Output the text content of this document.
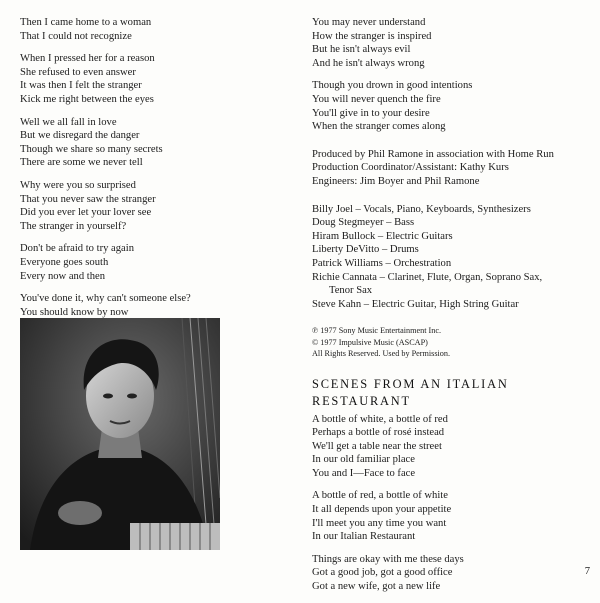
Then I came home to a woman
That I could not recognize
When I pressed her for a reason
She refused to even answer
It was then I felt the stranger
Kick me right between the eyes
Well we all fall in love
But we disregard the danger
Though we share so many secrets
There are some we never tell
Why were you so surprised
That you never saw the stranger
Did you ever let your lover see
The stranger in yourself?
Don't be afraid to try again
Everyone goes south
Every now and then
You've done it, why can't someone else?
You should know by now
You may never understand
How the stranger is inspired
But he isn't always evil
And he isn't always wrong
Though you drown in good intentions
You will never quench the fire
You'll give in to your desire
When the stranger comes along
Produced by Phil Ramone in association with Home Run
Production Coordinator/Assistant: Kathy Kurs
Engineers: Jim Boyer and Phil Ramone
Billy Joel – Vocals, Piano, Keyboards, Synthesizers
Doug Stegmeyer – Bass
Hiram Bullock – Electric Guitars
Liberty DeVitto – Drums
Patrick Williams – Orchestration
Richie Cannata – Clarinet, Flute, Organ, Soprano Sax,
Tenor Sax
Steve Kahn – Electric Guitar, High String Guitar
℗ 1977 Sony Music Entertainment Inc.
© 1977 Impulsive Music (ASCAP)
All Rights Reserved. Used by Permission.
SCENES FROM AN ITALIAN
RESTAURANT
A bottle of white, a bottle of red
Perhaps a bottle of rosé instead
We'll get a table near the street
In our old familiar place
You and I—Face to face
A bottle of red, a bottle of white
It all depends upon your appetite
I'll meet you any time you want
In our Italian Restaurant
Things are okay with me these days
Got a good job, got a good office
Got a new wife, got a new life
7
